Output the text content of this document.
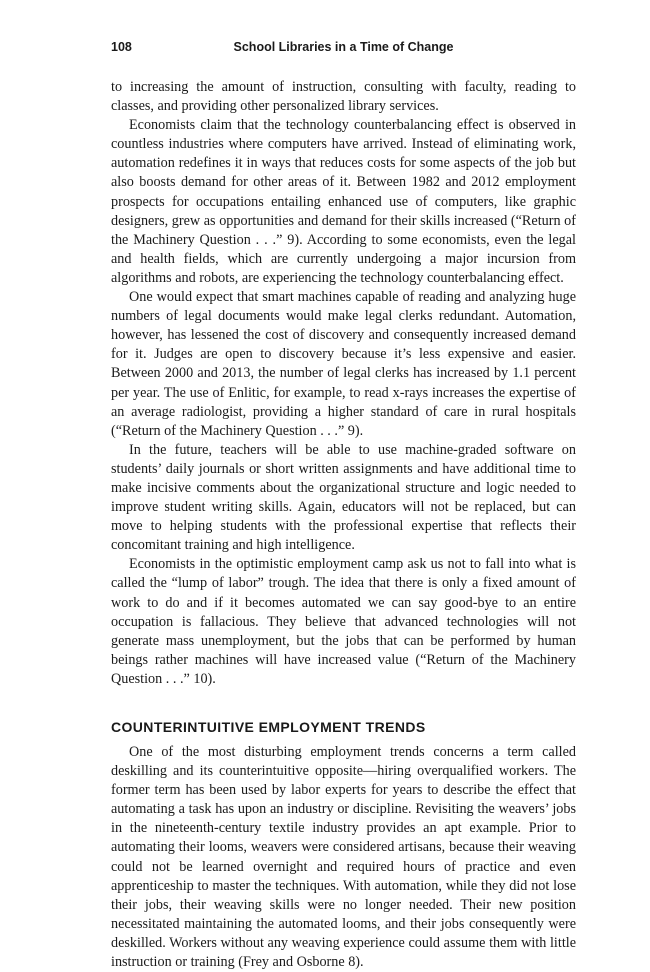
108	School Libraries in a Time of Change

to increasing the amount of instruction, consulting with faculty, reading to classes, and providing other personalized library services.

Economists claim that the technology counterbalancing effect is observed in countless industries where computers have arrived. Instead of eliminating work, automation redefines it in ways that reduces costs for some aspects of the job but also boosts demand for other areas of it. Between 1982 and 2012 employment prospects for occupations entailing enhanced use of computers, like graphic designers, grew as opportunities and demand for their skills increased (“Return of the Machinery Question . . .” 9). According to some economists, even the legal and health fields, which are currently undergoing a major incursion from algorithms and robots, are experiencing the technology counterbalancing effect.

One would expect that smart machines capable of reading and analyzing huge numbers of legal documents would make legal clerks redundant. Automation, however, has lessened the cost of discovery and consequently increased demand for it. Judges are open to discovery because it’s less expensive and easier. Between 2000 and 2013, the number of legal clerks has increased by 1.1 percent per year. The use of Enlitic, for example, to read x-rays increases the expertise of an average radiologist, providing a higher standard of care in rural hospitals (“Return of the Machinery Question . . .” 9).

In the future, teachers will be able to use machine-graded software on students’ daily journals or short written assignments and have additional time to make incisive comments about the organizational structure and logic needed to improve student writing skills. Again, educators will not be replaced, but can move to helping students with the professional expertise that reflects their concomitant training and high intelligence.

Economists in the optimistic employment camp ask us not to fall into what is called the “lump of labor” trough. The idea that there is only a fixed amount of work to do and if it becomes automated we can say good-bye to an entire occupation is fallacious. They believe that advanced technologies will not generate mass unemployment, but the jobs that can be performed by human beings rather machines will have increased value (“Return of the Machinery Question . . .” 10).

COUNTERINTUITIVE EMPLOYMENT TRENDS

One of the most disturbing employment trends concerns a term called deskilling and its counterintuitive opposite—hiring overqualified workers. The former term has been used by labor experts for years to describe the effect that automating a task has upon an industry or discipline. Revisiting the weavers’ jobs in the nineteenth-century textile industry provides an apt example. Prior to automating their looms, weavers were considered artisans, because their weaving could not be learned overnight and required hours of practice and even apprenticeship to master the techniques. With automation, while they did not lose their jobs, their weaving skills were no longer needed. Their new position necessitated maintaining the automated looms, and their jobs consequently were deskilled. Workers without any weaving experience could assume them with little instruction or training (Frey and Osborne 8).
